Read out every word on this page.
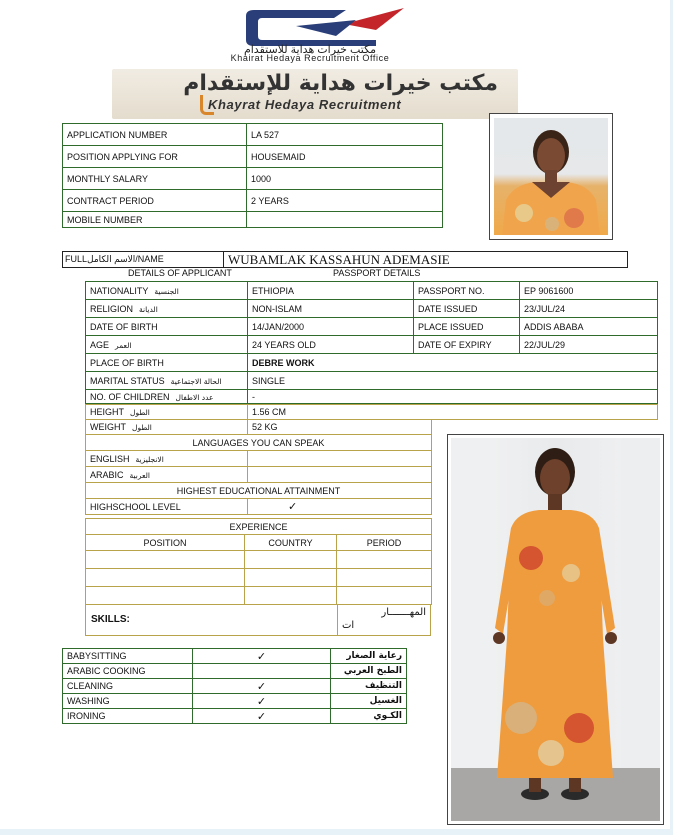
مكتب خيرات هداية للاستقدام
Khairat Hedaya Recruitment Office
مكتب خيرات هداية للإستقدام
Khayrat Hedaya Recruitment
APPLICATION NUMBER	LA 527
POSITION APPLYING FOR	HOUSEMAID
MONTHLY SALARY	1000
CONTRACT PERIOD	2 YEARS
MOBILE NUMBER	
FULLالاسم الكامل/NAME	WUBAMLAK KASSAHUN ADEMASIE
DETAILS OF APPLICANT	PASSPORT DETAILS
NATIONALITY الجنسية	ETHIOPIA	PASSPORT NO.	EP 9061600
RELIGION الديانة	NON-ISLAM	DATE ISSUED	23/JUL/24
DATE OF BIRTH	14/JAN/2000	PLACE ISSUED	ADDIS ABABA
AGE العمر	24 YEARS OLD	DATE OF EXPIRY	22/JUL/29
PLACE OF BIRTH	DEBRE WORK		
MARITAL STATUS الحالة الاجتماعية	SINGLE		
NO. OF CHILDREN عدد الاطفال	-		
HEIGHT الطول	1.56 CM
WEIGHT الطول	52 KG
LANGUAGES YOU CAN SPEAK	
ENGLISH الانجليزية	
ARABIC العربية	
HIGHEST EDUCATIONAL ATTAINMENT	
HIGHSCHOOL LEVEL	✓
EXPERIENCE		
POSITION	COUNTRY	PERIOD

SKILLS:
المهـــــــار
ات
BABYSITTING	✓	رعاية الصغار
ARABIC COOKING		الطبخ العربي
CLEANING	✓	التنظيف
WASHING	✓	الغسيل
IRONING	✓	الكـوي
